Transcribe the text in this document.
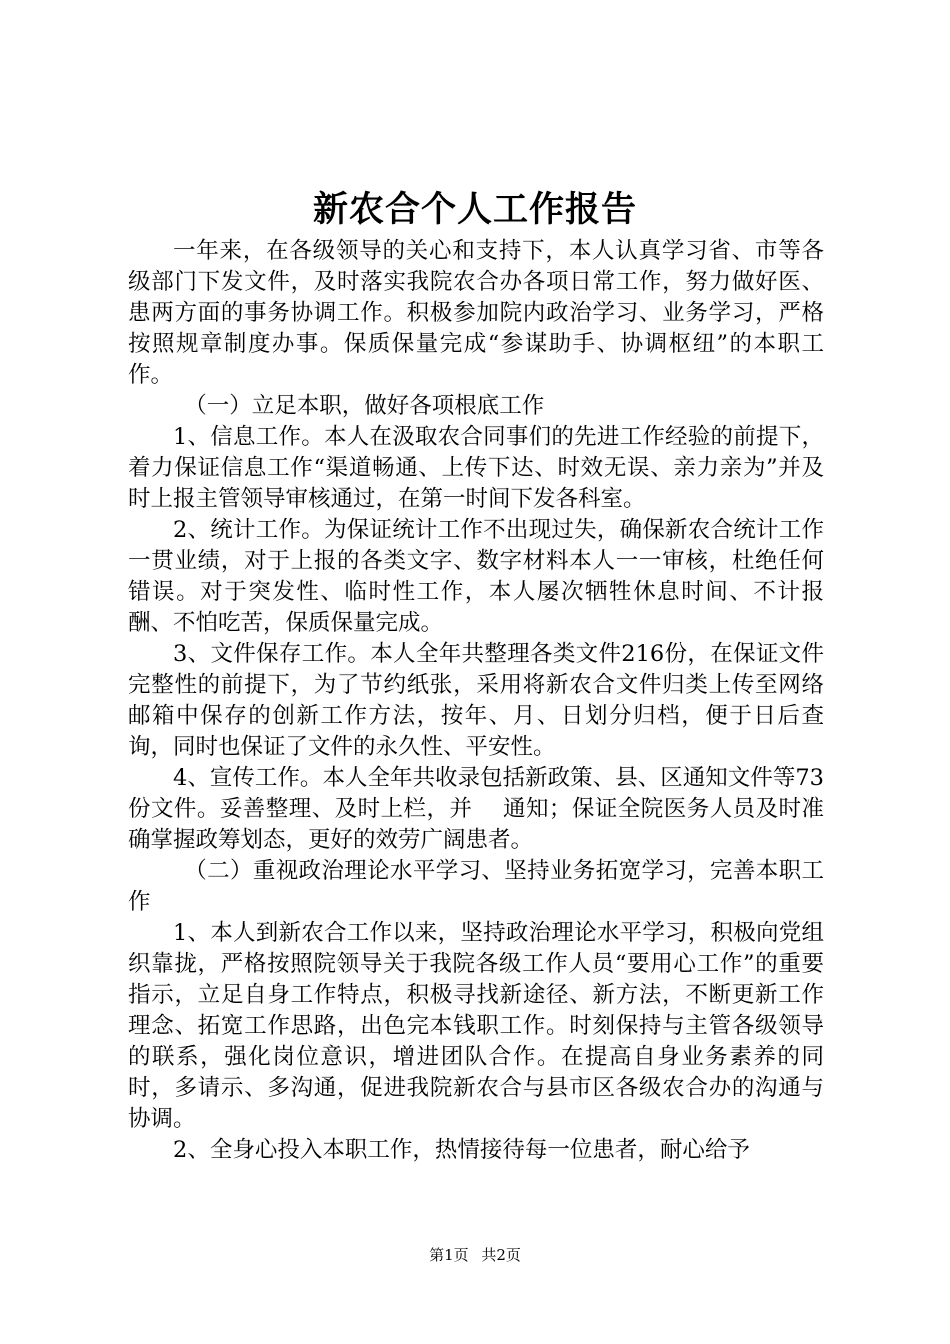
新农合个人工作报告

一年来，在各级领导的关心和支持下，本人认真学习省、市等各级部门下发文件，及时落实我院农合办各项日常工作，努力做好医、患两方面的事务协调工作。积极参加院内政治学习、业务学习，严格按照规章制度办事。保质保量完成“参谋助手、协调枢纽”的本职工作。

（一）立足本职，做好各项根底工作

1、信息工作。本人在汲取农合同事们的先进工作经验的前提下，着力保证信息工作“渠道畅通、上传下达、时效无误、亲力亲为”并及时上报主管领导审核通过，在第一时间下发各科室。

2、统计工作。为保证统计工作不出现过失，确保新农合统计工作一贯业绩，对于上报的各类文字、数字材料本人一一审核，杜绝任何错误。对于突发性、临时性工作，本人屡次牺牲休息时间、不计报酬、不怕吃苦，保质保量完成。

3、文件保存工作。本人全年共整理各类文件216份，在保证文件完整性的前提下，为了节约纸张，采用将新农合文件归类上传至网络邮箱中保存的创新工作方法，按年、月、日划分归档，便于日后查询，同时也保证了文件的永久性、平安性。

4、宣传工作。本人全年共收录包括新政策、县、区通知文件等73份文件。妥善整理、及时上栏，并　 通知；保证全院医务人员及时准确掌握政筹划态，更好的效劳广阔患者。

（二）重视政治理论水平学习、坚持业务拓宽学习，完善本职工作

1、本人到新农合工作以来，坚持政治理论水平学习，积极向党组织靠拢，严格按照院领导关于我院各级工作人员“要用心工作”的重要指示，立足自身工作特点，积极寻找新途径、新方法，不断更新工作理念、拓宽工作思路，出色完本钱职工作。时刻保持与主管各级领导的联系，强化岗位意识，增进团队合作。在提高自身业务素养的同时，多请示、多沟通，促进我院新农合与县市区各级农合办的沟通与协调。

2、全身心投入本职工作，热情接待每一位患者，耐心给予

第1页 共2页
